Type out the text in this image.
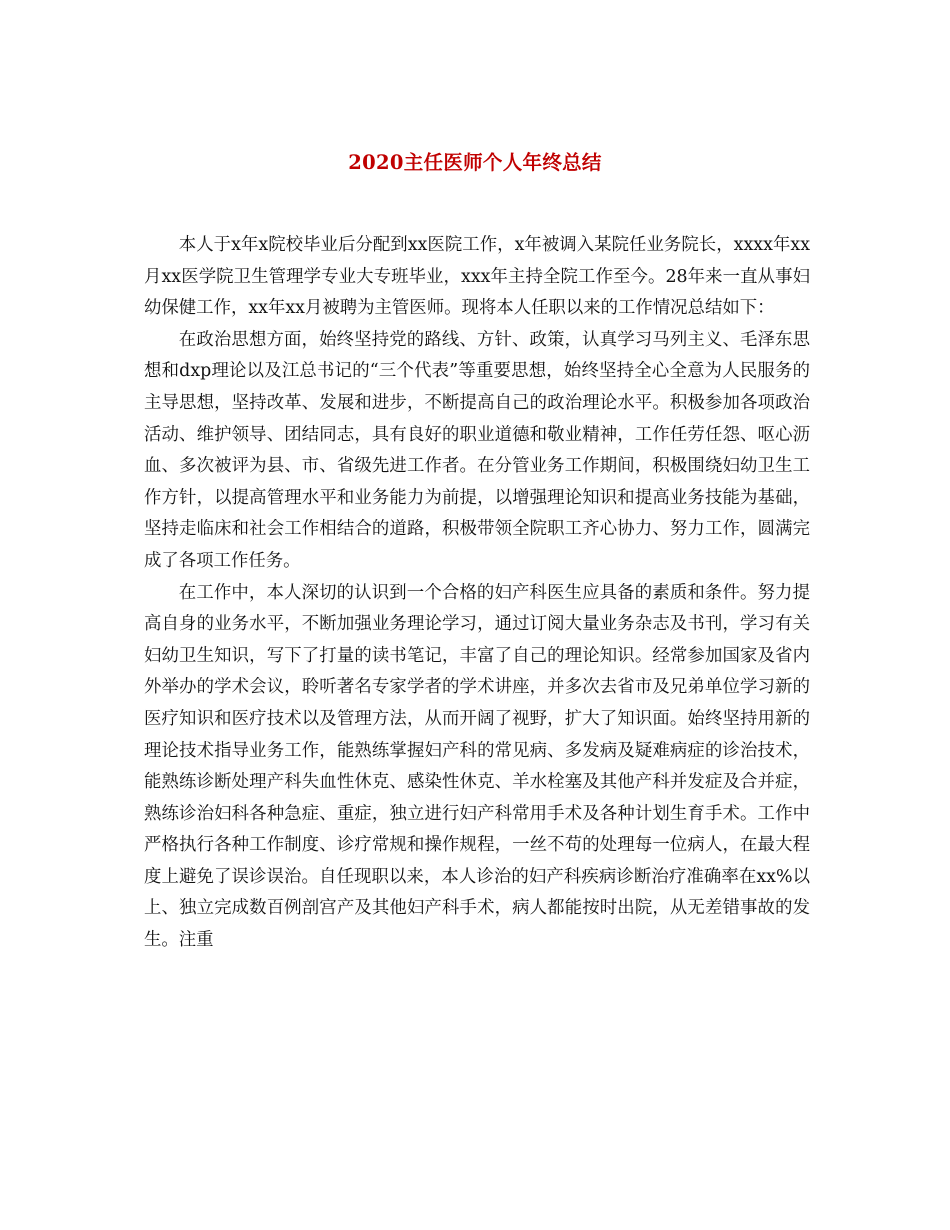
2020主任医师个人年终总结

本人于x年x院校毕业后分配到xx医院工作，x年被调入某院任业务院长，xxxx年xx月xx医学院卫生管理学专业大专班毕业，xxx年主持全院工作至今。28年来一直从事妇幼保健工作，xx年xx月被聘为主管医师。现将本人任职以来的工作情况总结如下：

在政治思想方面，始终坚持党的路线、方针、政策，认真学习马列主义、毛泽东思想和dxp理论以及江总书记的“三个代表”等重要思想，始终坚持全心全意为人民服务的主导思想，坚持改革、发展和进步，不断提高自己的政治理论水平。积极参加各项政治活动、维护领导、团结同志，具有良好的职业道德和敬业精神，工作任劳任怨、呕心沥血、多次被评为县、市、省级先进工作者。在分管业务工作期间，积极围绕妇幼卫生工作方针，以提高管理水平和业务能力为前提，以增强理论知识和提高业务技能为基础，坚持走临床和社会工作相结合的道路，积极带领全院职工齐心协力、努力工作，圆满完成了各项工作任务。

在工作中，本人深切的认识到一个合格的妇产科医生应具备的素质和条件。努力提高自身的业务水平，不断加强业务理论学习，通过订阅大量业务杂志及书刊，学习有关妇幼卫生知识，写下了打量的读书笔记，丰富了自己的理论知识。经常参加国家及省内外举办的学术会议，聆听著名专家学者的学术讲座，并多次去省市及兄弟单位学习新的医疗知识和医疗技术以及管理方法，从而开阔了视野，扩大了知识面。始终坚持用新的理论技术指导业务工作，能熟练掌握妇产科的常见病、多发病及疑难病症的诊治技术，能熟练诊断处理产科失血性休克、感染性休克、羊水栓塞及其他产科并发症及合并症，熟练诊治妇科各种急症、重症，独立进行妇产科常用手术及各种计划生育手术。工作中严格执行各种工作制度、诊疗常规和操作规程，一丝不苟的处理每一位病人，在最大程度上避免了误诊误治。自任现职以来，本人诊治的妇产科疾病诊断治疗准确率在xx%以上、独立完成数百例剖宫产及其他妇产科手术，病人都能按时出院，从无差错事故的发生。注重
